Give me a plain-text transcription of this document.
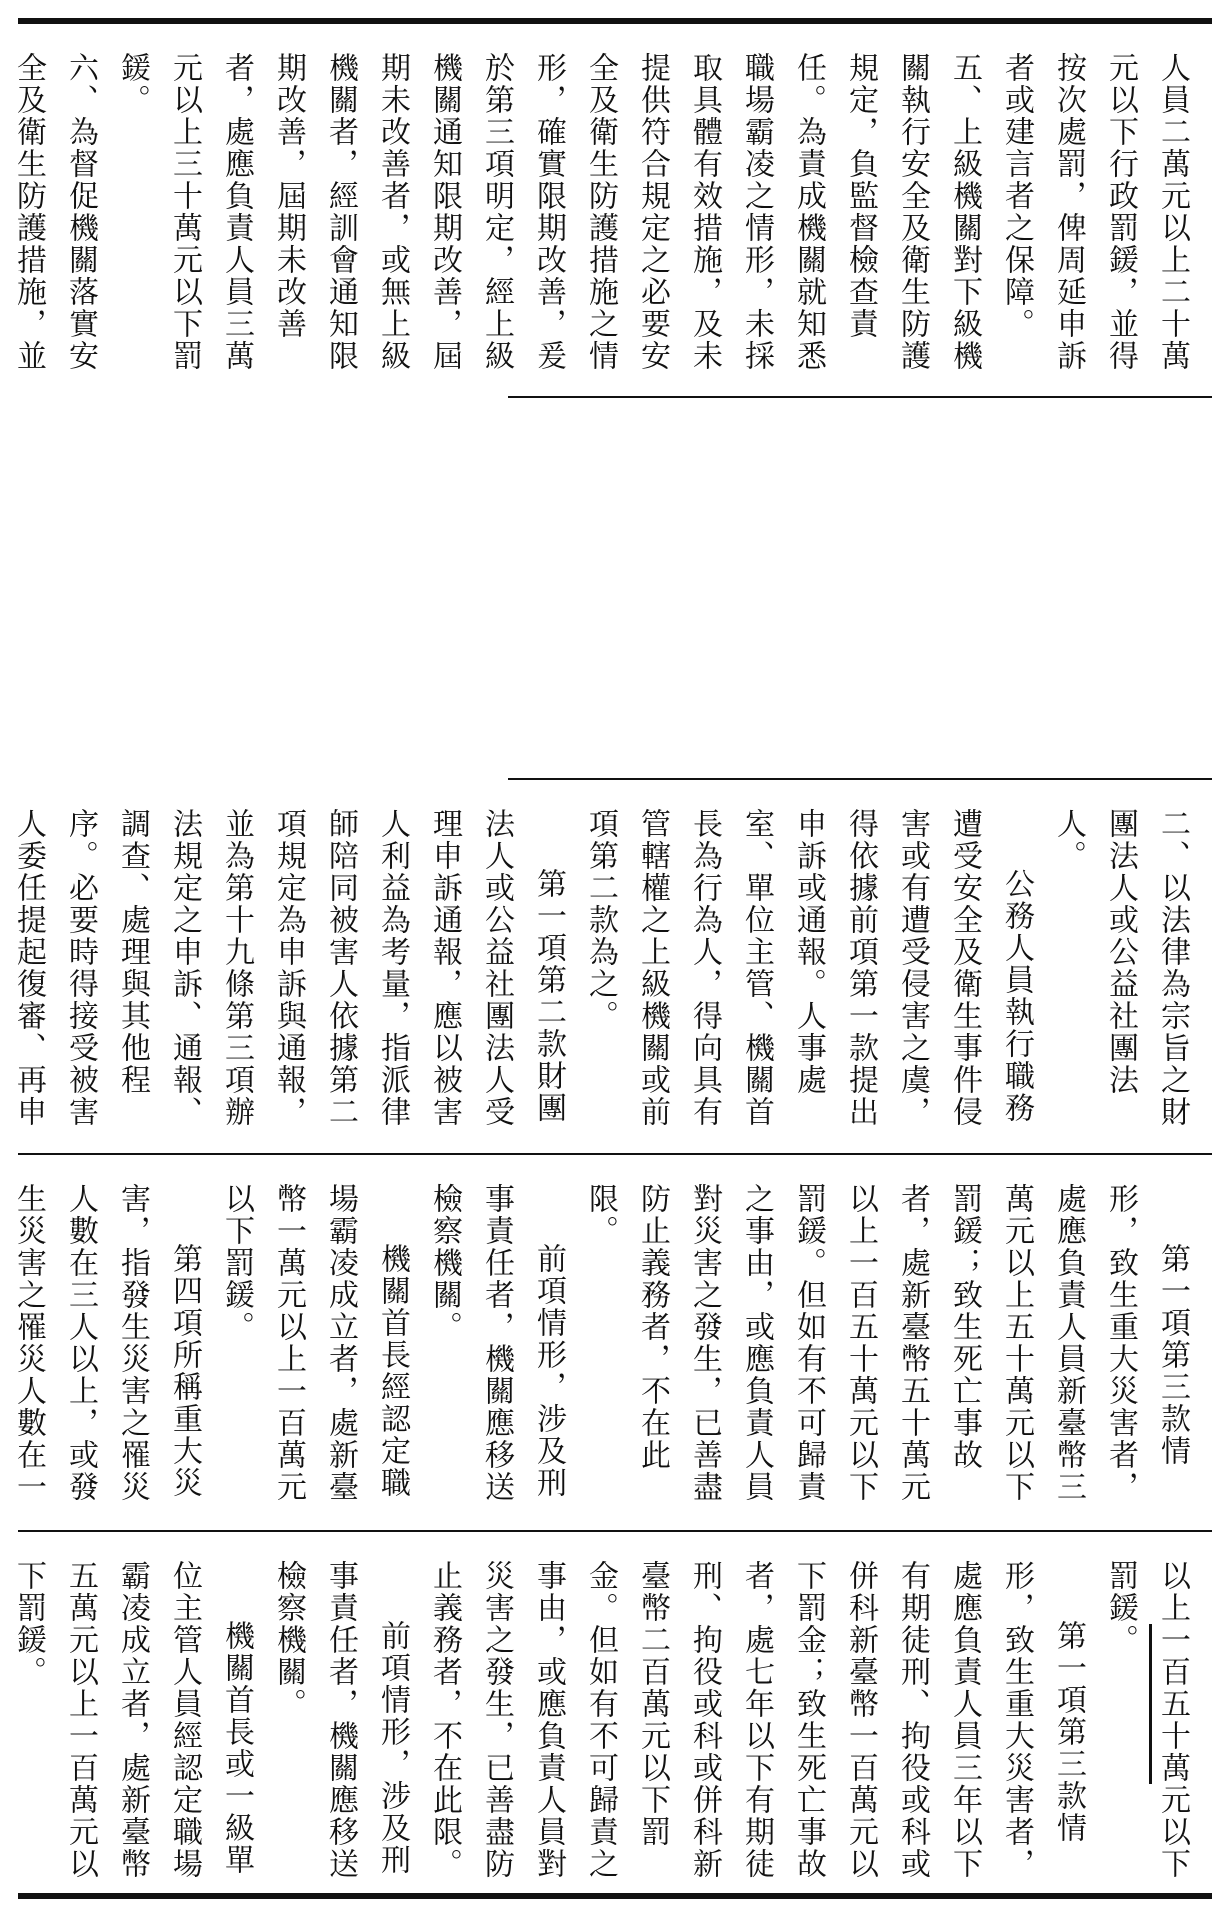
人員二萬元以上二十萬元以下行政罰鍰，並得按次處罰，俾周延申訴者或建言者之保障。

五、上級機關對下級機關執行安全及衛生防護規定，負監督檢查責任。為責成機關就知悉職場霸凌之情形，未採取具體有效措施，及未提供符合規定之必要安全及衛生防護措施之情形，確實限期改善，爰於第三項明定，經上級機關通知限期改善，屆期未改善者，或無上級機關者，經訓會通知限期改善，屆期未改善者，處應負責人員三萬元以上三十萬元以下罰鍰。

六、為督促機關落實安全及衛生防護措施，並

二、以法律為宗旨之財團法人或公益社團法人。

公務人員執行職務遭受安全及衛生事件侵害或有遭受侵害之虞，得依據前項第一款提出申訴或通報。人事處室、單位主管、機關首長為行為人，得向具有管轄權之上級機關或前項第二款為之。

第一項第二款財團法人或公益社團法人受理申訴通報，應以被害人利益為考量，指派律師陪同被害人依據第二項規定為申訴與通報，並為第十九條第三項辦法規定之申訴、通報、調查、處理與其他程序。必要時得接受被害人委任提起復審、再申

第一項第三款情形，致生重大災害者，處應負責人員新臺幣三萬元以上五十萬元以下罰鍰；致生死亡事故者，處新臺幣五十萬元以上一百五十萬元以下罰鍰。但如有不可歸責之事由，或應負責人員對災害之發生，已善盡防止義務者，不在此限。

前項情形，涉及刑事責任者，機關應移送檢察機關。

機關首長經認定職場霸凌成立者，處新臺幣一萬元以上一百萬元以下罰鍰。

第四項所稱重大災害，指發生災害之罹災人數在三人以上，或發生災害之罹災人數在一

以上一百五十萬元以下罰鍰。

第一項第三款情形，致生重大災害者，處應負責人員三年以下有期徒刑、拘役或科或併科新臺幣一百萬元以下罰金；致生死亡事故者，處七年以下有期徒刑、拘役或科或併科新臺幣二百萬元以下罰金。但如有不可歸責之事由，或應負責人員對災害之發生，已善盡防止義務者，不在此限。

前項情形，涉及刑事責任者，機關應移送檢察機關。

機關首長或一級單位主管人員經認定職場霸凌成立者，處新臺幣五萬元以上一百萬元以下罰鍰。
